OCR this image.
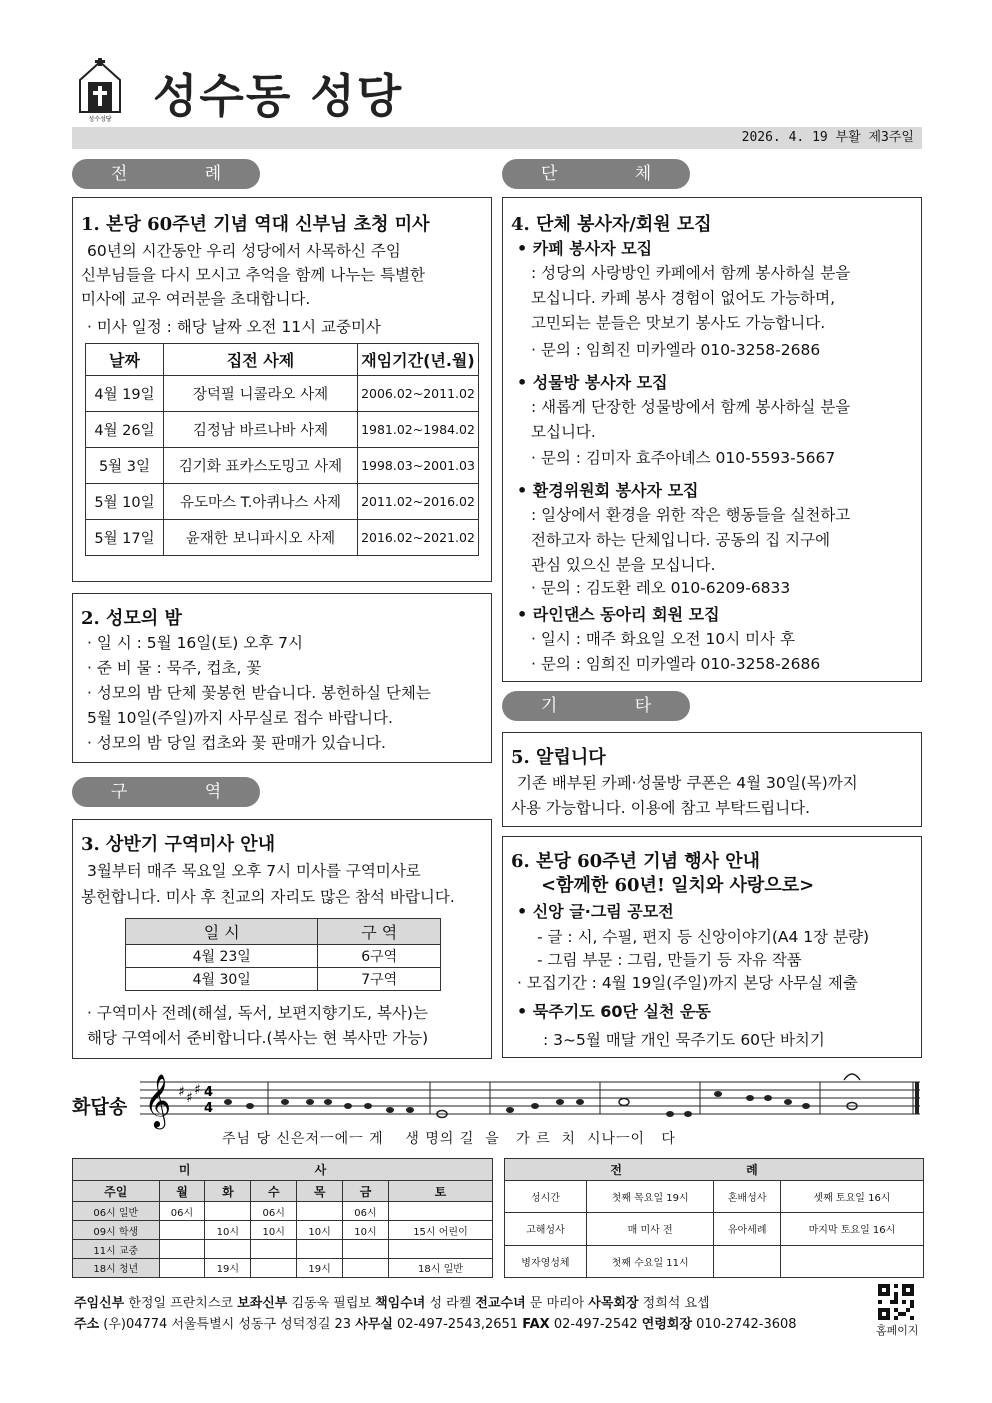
성수성당 성수동 성당
2026. 4. 19 부활 제3주일
전 례	단 체
구 역
기 타
1. 본당 60주년 기념 역대 신부님 초청 미사
60년의 시간동안 우리 성당에서 사목하신 주임
신부님들을 다시 모시고 추억을 함께 나누는 특별한
미사에 교우 여러분을 초대합니다.
· 미사 일정 : 해당 날짜 오전 11시 교중미사
날짜	집전 사제	재임기간(년.월)
4월 19일	장덕필 니콜라오 사제	2006.02~2011.02
4월 26일	김정남 바르나바 사제	1981.02~1984.02
5월 3일	김기화 표카스도밍고 사제	1998.03~2001.03
5월 10일	유도마스 T.아퀴나스 사제	2011.02~2016.02
5월 17일	윤재한 보니파시오 사제	2016.02~2021.02
2. 성모의 밤
· 일 시 : 5월 16일(토) 오후 7시
· 준 비 물 : 묵주, 컵초, 꽃
· 성모의 밤 단체 꽃봉헌 받습니다. 봉헌하실 단체는
5월 10일(주일)까지 사무실로 접수 바랍니다.
· 성모의 밤 당일 컵초와 꽃 판매가 있습니다.
3. 상반기 구역미사 안내
3월부터 매주 목요일 오후 7시 미사를 구역미사로
봉헌합니다. 미사 후 친교의 자리도 많은 참석 바랍니다.
일 시	구 역
4월 23일	6구역
4월 30일	7구역
· 구역미사 전례(해설, 독서, 보편지향기도, 복사)는
해당 구역에서 준비합니다.(복사는 현 복사만 가능)
4. 단체 봉사자/회원 모집
• 카페 봉사자 모집
: 성당의 사랑방인 카페에서 함께 봉사하실 분을
모십니다. 카페 봉사 경험이 없어도 가능하며,
고민되는 분들은 맛보기 봉사도 가능합니다.
· 문의 : 임희진 미카엘라 010-3258-2686
• 성물방 봉사자 모집
: 새롭게 단장한 성물방에서 함께 봉사하실 분을
모십니다.
· 문의 : 김미자 효주아녜스 010-5593-5667
• 환경위원회 봉사자 모집
: 일상에서 환경을 위한 작은 행동들을 실천하고
전하고자 하는 단체입니다. 공동의 집 지구에
관심 있으신 분을 모십니다.
· 문의 : 김도환 레오 010-6209-6833
• 라인댄스 동아리 회원 모집
· 일시 : 매주 화요일 오전 10시 미사 후
· 문의 : 임희진 미카엘라 010-3258-2686
5. 알립니다
기존 배부된 카페·성물방 쿠폰은 4월 30일(목)까지
사용 가능합니다. 이용에 참고 부탁드립니다.
6. 본당 60주년 기념 행사 안내
<함께한 60년! 일치와 사랑으로>
• 신앙 글·그림 공모전
- 글 : 시, 수필, 편지 등 신앙이야기(A4 1장 분량)
- 그림 부문 : 그림, 만들기 등 자유 작품
· 모집기간 : 4월 19일(주일)까지 본당 사무실 제출
• 묵주기도 60단 실천 운동
: 3~5월 매달 개인 묵주기도 60단 바치기
화답송 𝄞 ♯ ♯ ♯ 4
4
주님 당 신은저ㅡ에ㅡ 게    생 명의 길  을   가 르  치  시나ㅡ이   다
미 사						
주일	월	화	수	목	금	토
06시 일반	06시		06시		06시	
09시 학생		10시	10시	10시	10시	15시 어린이
11시 교중						
18시 청년		19시		19시		18시 일반
전 례			
성시간	첫째 목요일 19시	혼배성사	셋째 토요일 16시
고해성사	매 미사 전	유아세례	마지막 토요일 16시
병자영성체	첫째 수요일 11시		
주임신부 한정일 프란치스코 보좌신부 김동욱 필립보 책임수녀 성 라켈 전교수녀 문 마리아 사목회장 정희석 요셉
주소 (우)04774 서울특별시 성동구 성덕정길 23 사무실 02-497-2543,2651 FAX 02-497-2542 연령회장 010-2742-3608	홈페이지
